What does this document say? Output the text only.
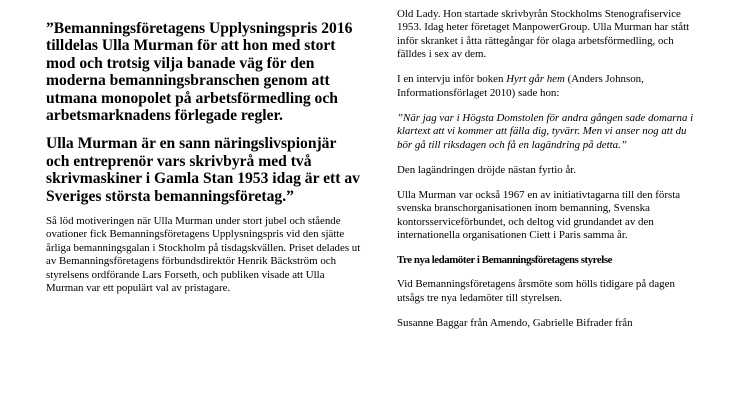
”Bemanningsföretagens Upplysningspris 2016 tilldelas Ulla Murman för att hon med stort mod och trotsig vilja banade väg för den moderna bemanningsbranschen genom att utmana monopolet på arbetsförmedling och arbetsmarknadens förlegade regler.

Ulla Murman är en sann näringslivspionjär och entreprenör vars skrivbyrå med två skrivmaskiner i Gamla Stan 1953 idag är ett av Sveriges största bemanningsföretag.”

Så löd motiveringen när Ulla Murman under stort jubel och stående ovationer fick Bemanningsföretagens Upplysningspris vid den sjätte årliga bemanningsgalan i Stockholm på tisdagskvällen. Priset delades ut av Bemanningsföretagens förbundsdirektör Henrik Bäckström och styrelsens ordförande Lars Forseth, och publiken visade att Ulla Murman var ett populärt val av pristagare.

Old Lady. Hon startade skrivbyrån Stockholms Stenografiservice 1953. Idag heter företaget ManpowerGroup. Ulla Murman har stått inför skranket i åtta rättegångar för olaga arbetsförmedling, och fälldes i sex av dem.

I en intervju inför boken Hyrt går hem (Anders Johnson, Informationsförlaget 2010) sade hon:

”När jag var i Högsta Domstolen för andra gången sade domarna i klartext att vi kommer att fälla dig, tyvärr. Men vi anser nog att du bör gå till riksdagen och få en lagändring på detta.”

Den lagändringen dröjde nästan fyrtio år.

Ulla Murman var också 1967 en av initiativtagarna till den första svenska branschorganisationen inom bemanning, Svenska kontorsserviceförbundet, och deltog vid grundandet av den internationella organisationen Ciett i Paris samma år.

Tre nya ledamöter i Bemanningsföretagens styrelse

Vid Bemanningsföretagens årsmöte som hölls tidigare på dagen utsågs tre nya ledamöter till styrelsen.

Susanne Baggar från Amendo, Gabrielle Bifrader från
